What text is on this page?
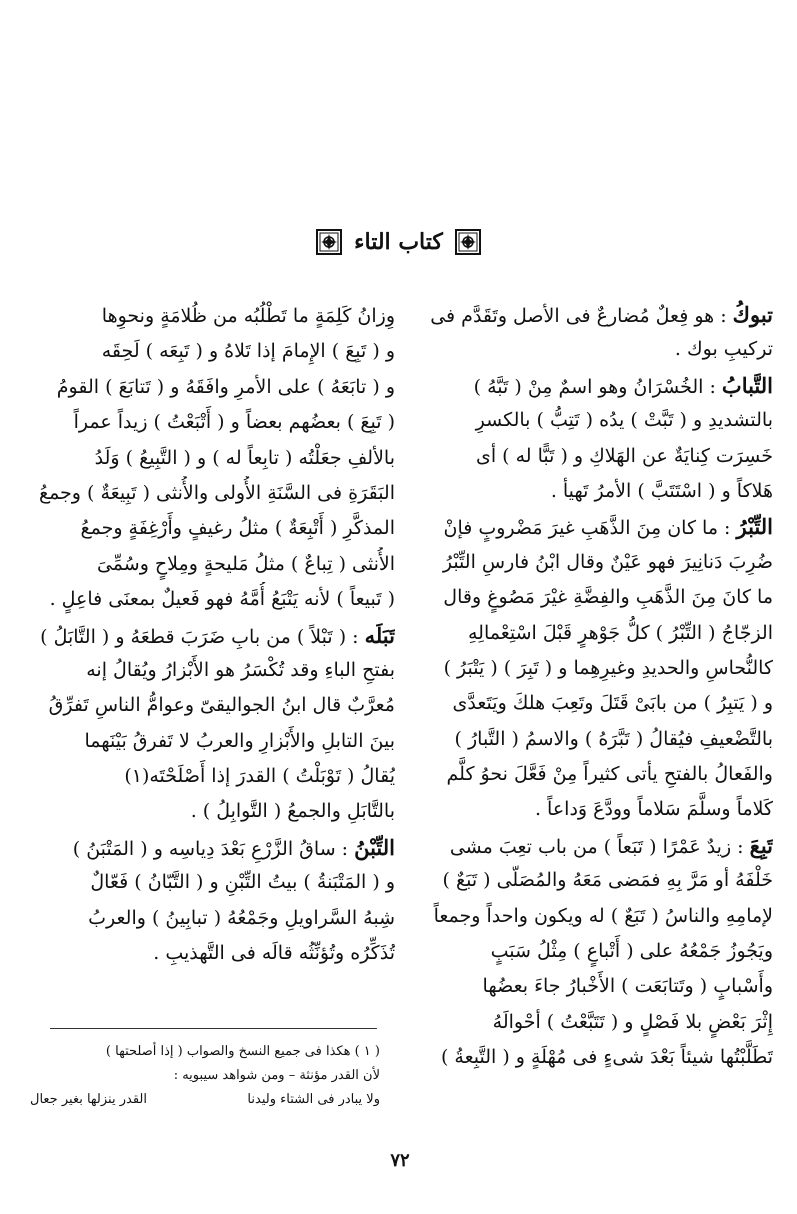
كتاب التاء
تبوكُ : هو فِعلٌ مُضارعٌ فى الأصل وتَقَدَّم فى
تركيبِ بوك .
التَّبابُ : الخُسْرَانُ وهو اسمٌ مِنْ ( تَبَّهُ )
بالتشديدِ و ( تَبَّتْ ) يدُه ( تَتِبُّ ) بالكسرِ
خَسِرَت كِنايَةٌ عن الهَلاكِ و ( تَبًّا له ) أى
هَلاكاً و ( اسْتَتَبَّ ) الأمرُ تَهيأ .
التِّبْرُ : ما كان مِنَ الذَّهَبِ غيرَ مَضْروبٍ فإنْ
ضُرِبَ دَنانِيرَ فهو عَيْنٌ وقال ابْنُ فارسِ التِّبْرُ
ما كانَ مِنَ الذَّهَبِ والفِضَّةِ غيْرَ مَصُوغٍ وقال
الزجّاجُ ( التِّبْرُ ) كلُّ جَوْهرٍ قَبْلَ اسْتِعْمالِهِ
كالنُّحاسِ والحديدِ وغيرِهِما و ( تَبِرَ ) ( يَتْبَرُ )
و ( يَتبِرُ ) من بابَىْ قَتَلَ وتَعِبَ هلكَ ويَتَعدَّى
بالتَّضْعيفِ فيُقالُ ( تَبَّرَهُ ) والاسمُ ( التَّبارُ )
والفَعالُ بالفتحِ يأتى كثيراً مِنْ فَعَّلَ نحوُ كلَّم
كَلاماً وسلَّمَ سَلاماً وودَّعَ وَداعاً .
تَبِعَ : زيدٌ عَمْرًا ( تَبَعاً ) من باب تعِبَ مشى
خَلْفَهُ أو مَرَّ بِهِ فمَضى مَعَهُ والمُصَلّى ( تَبَعٌ )
لإمامِهِ والناسُ ( تَبَعٌ ) له ويكون واحداً وجمعاً
ويَجُوزُ جَمْعُهُ على ( أَتْباعٍ ) مِثْلُ سَبَبٍ
وأَسْبابٍ ( وتَتابَعَت ) الأَخْبارُ جاءَ بعضُها
إِثْرَ بَعْضٍ بلا فَصْلٍ و ( تَتَبَّعْتُ ) أحْوالَهُ
تَطَلَّبْتُها شيئاً بَعْدَ شىءٍ فى مُهْلَةٍ و ( التَّبِعةُ )
وِزانُ كَلِمَةٍ ما تَطْلُبُه من ظُلامَةٍ ونحوِها
و ( تَبِعَ ) الإِمامَ إذا تَلاهُ و ( تَبِعَه ) لَحِقَه
و ( تابَعَهُ ) على الأمرِ وافَقَهُ و ( تَتابَعَ ) القومُ
( تَبِعَ ) بعضُهم بعضاً و ( أَتْبَعْتُ ) زيداً عمراً
بالألفِ جعَلْتُه ( تابِعاً له ) و ( التَّبِيعُ ) وَلَدُ
البَقَرَةِ فى السَّنَةِ الأُولى والأُنثى ( تَبِيعَةٌ ) وجمعُ
المذكَّرِ ( أَتْبِعَةٌ ) مثلُ رغيفٍ وأَرْغِفَةٍ وجمعُ
الأُنثى ( تِباعٌ ) مثلُ مَليحةٍ ومِلاحٍ وسُمِّىَ
( تَبيعاً ) لأنه يَتْبَعُ أُمَّهُ فهو فَعيلٌ بمعنَى فاعِلٍ .
تَبَلَه : ( تَبْلاً ) من بابِ ضَرَبَ قطعَهُ و ( التَّابَلُ )
بفتحِ الباءِ وقد تُكْسَرُ هو الأَبْزارُ ويُقالُ إنه
مُعرَّبٌ قال ابنُ الجواليقىّ وعوامُّ الناسِ تَفرِّقُ
بينَ التابلِ والأَبْزارِ والعربُ لا تَفرقُ بَيْنَهما
يُقالُ ( تَوْبَلْتُ ) القدرَ إذا أَصْلَحْتَه(١)
بالتَّابَلِ والجمعُ ( التَّوابِلُ ) .
التِّبْنُ : ساقُ الزَّرْعِ بَعْدَ دِياسِه و ( المَتْبَنُ )
و ( المَتْبَنةُ ) بيتُ التِّبْنِ و ( التَّبّانُ ) فَعّالٌ
شِبهُ السَّراويلِ وجَمْعُهُ ( تبابِينُ ) والعربُ
تُذَكِّرُه وتُؤنِّثُه قالَه فى التَّهذيبِ .
( ١ ) هكذا فى جميع النسخ والصواب ( إذا أصلحتها )
لأن القدر مؤنثة – ومن شواهد سيبويه :
ولا يبادر فى الشتاء وليدنا
القدر ينزلها بغير جعال
٧٢
